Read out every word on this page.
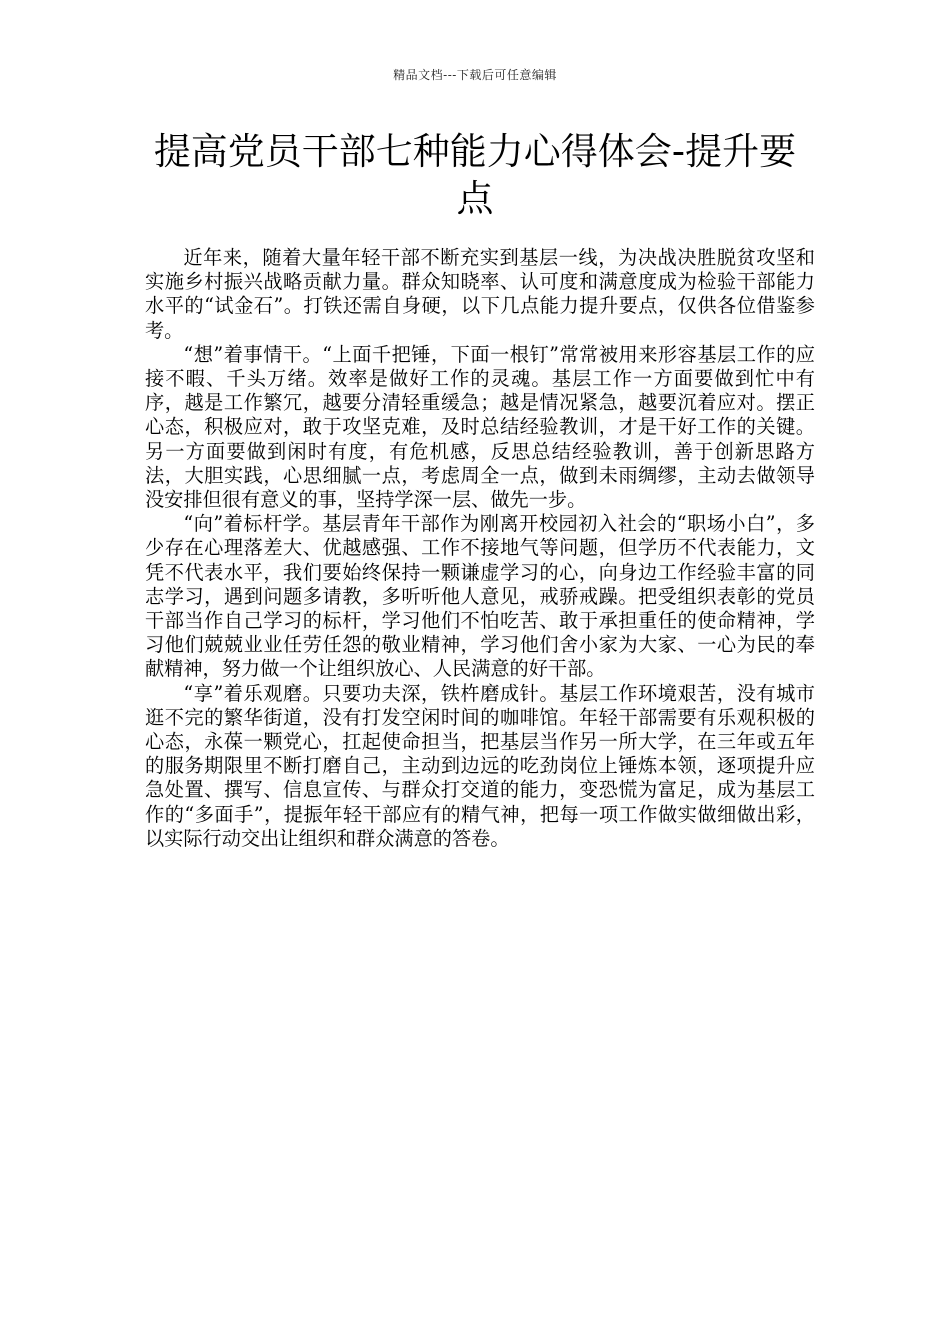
精品文档---下载后可任意编辑
提高党员干部七种能力心得体会-提升要点

近年来，随着大量年轻干部不断充实到基层一线，为决战决胜脱贫攻坚和实施乡村振兴战略贡献力量。群众知晓率、认可度和满意度成为检验干部能力水平的“试金石”。打铁还需自身硬，以下几点能力提升要点，仅供各位借鉴参考。

“想”着事情干。“上面千把锤，下面一根钉”常常被用来形容基层工作的应接不暇、千头万绪。效率是做好工作的灵魂。基层工作一方面要做到忙中有序，越是工作繁冗，越要分清轻重缓急；越是情况紧急，越要沉着应对。摆正心态，积极应对，敢于攻坚克难，及时总结经验教训，才是干好工作的关键。另一方面要做到闲时有度，有危机感，反思总结经验教训，善于创新思路方法，大胆实践，心思细腻一点，考虑周全一点，做到未雨绸缪，主动去做领导没安排但很有意义的事，坚持学深一层、做先一步。

“向”着标杆学。基层青年干部作为刚离开校园初入社会的“职场小白”，多少存在心理落差大、优越感强、工作不接地气等问题，但学历不代表能力，文凭不代表水平，我们要始终保持一颗谦虚学习的心，向身边工作经验丰富的同志学习，遇到问题多请教，多听听他人意见，戒骄戒躁。把受组织表彰的党员干部当作自己学习的标杆，学习他们不怕吃苦、敢于承担重任的使命精神，学习他们兢兢业业任劳任怨的敬业精神，学习他们舍小家为大家、一心为民的奉献精神，努力做一个让组织放心、人民满意的好干部。

“享”着乐观磨。只要功夫深，铁杵磨成针。基层工作环境艰苦，没有城市逛不完的繁华街道，没有打发空闲时间的咖啡馆。年轻干部需要有乐观积极的心态，永葆一颗党心，扛起使命担当，把基层当作另一所大学，在三年或五年的服务期限里不断打磨自己，主动到边远的吃劲岗位上锤炼本领，逐项提升应急处置、撰写、信息宣传、与群众打交道的能力，变恐慌为富足，成为基层工作的“多面手”，提振年轻干部应有的精气神，把每一项工作做实做细做出彩，以实际行动交出让组织和群众满意的答卷。
